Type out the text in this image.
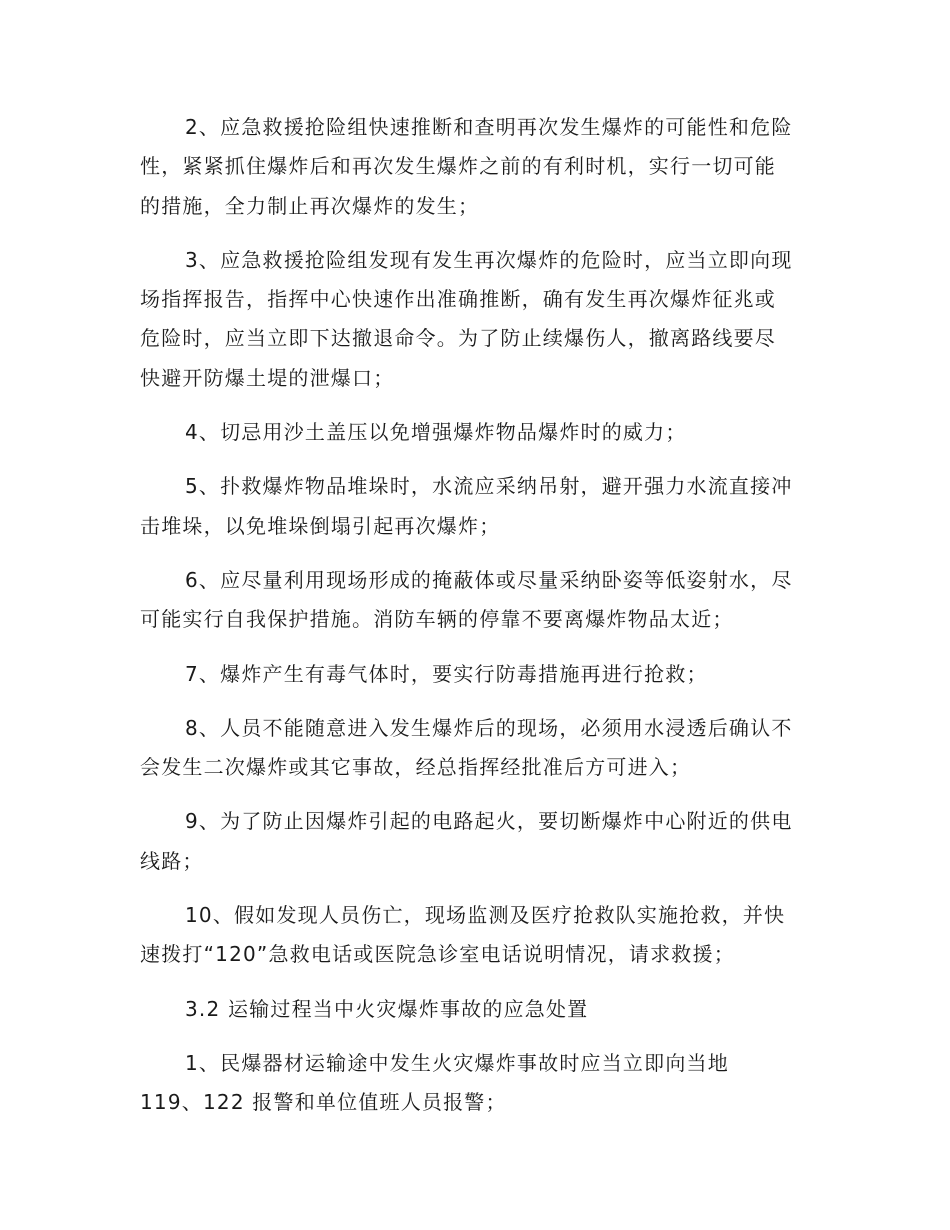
2、应急救援抢险组快速推断和查明再次发生爆炸的可能性和危险
性，紧紧抓住爆炸后和再次发生爆炸之前的有利时机，实行一切可能
的措施，全力制止再次爆炸的发生；

3、应急救援抢险组发现有发生再次爆炸的危险时，应当立即向现
场指挥报告，指挥中心快速作出准确推断，确有发生再次爆炸征兆或
危险时，应当立即下达撤退命令。为了防止续爆伤人，撤离路线要尽
快避开防爆土堤的泄爆口；

4、切忌用沙土盖压以免增强爆炸物品爆炸时的威力；

5、扑救爆炸物品堆垛时，水流应采纳吊射，避开强力水流直接冲
击堆垛，以免堆垛倒塌引起再次爆炸；

6、应尽量利用现场形成的掩蔽体或尽量采纳卧姿等低姿射水，尽
可能实行自我保护措施。消防车辆的停靠不要离爆炸物品太近；

7、爆炸产生有毒气体时，要实行防毒措施再进行抢救；

8、人员不能随意进入发生爆炸后的现场，必须用水浸透后确认不
会发生二次爆炸或其它事故，经总指挥经批准后方可进入；

9、为了防止因爆炸引起的电路起火，要切断爆炸中心附近的供电
线路；

10、假如发现人员伤亡，现场监测及医疗抢救队实施抢救，并快
速拨打“120”急救电话或医院急诊室电话说明情况，请求救援；

3.2 运输过程当中火灾爆炸事故的应急处置

1、民爆器材运输途中发生火灾爆炸事故时应当立即向当地
119、122 报警和单位值班人员报警；
